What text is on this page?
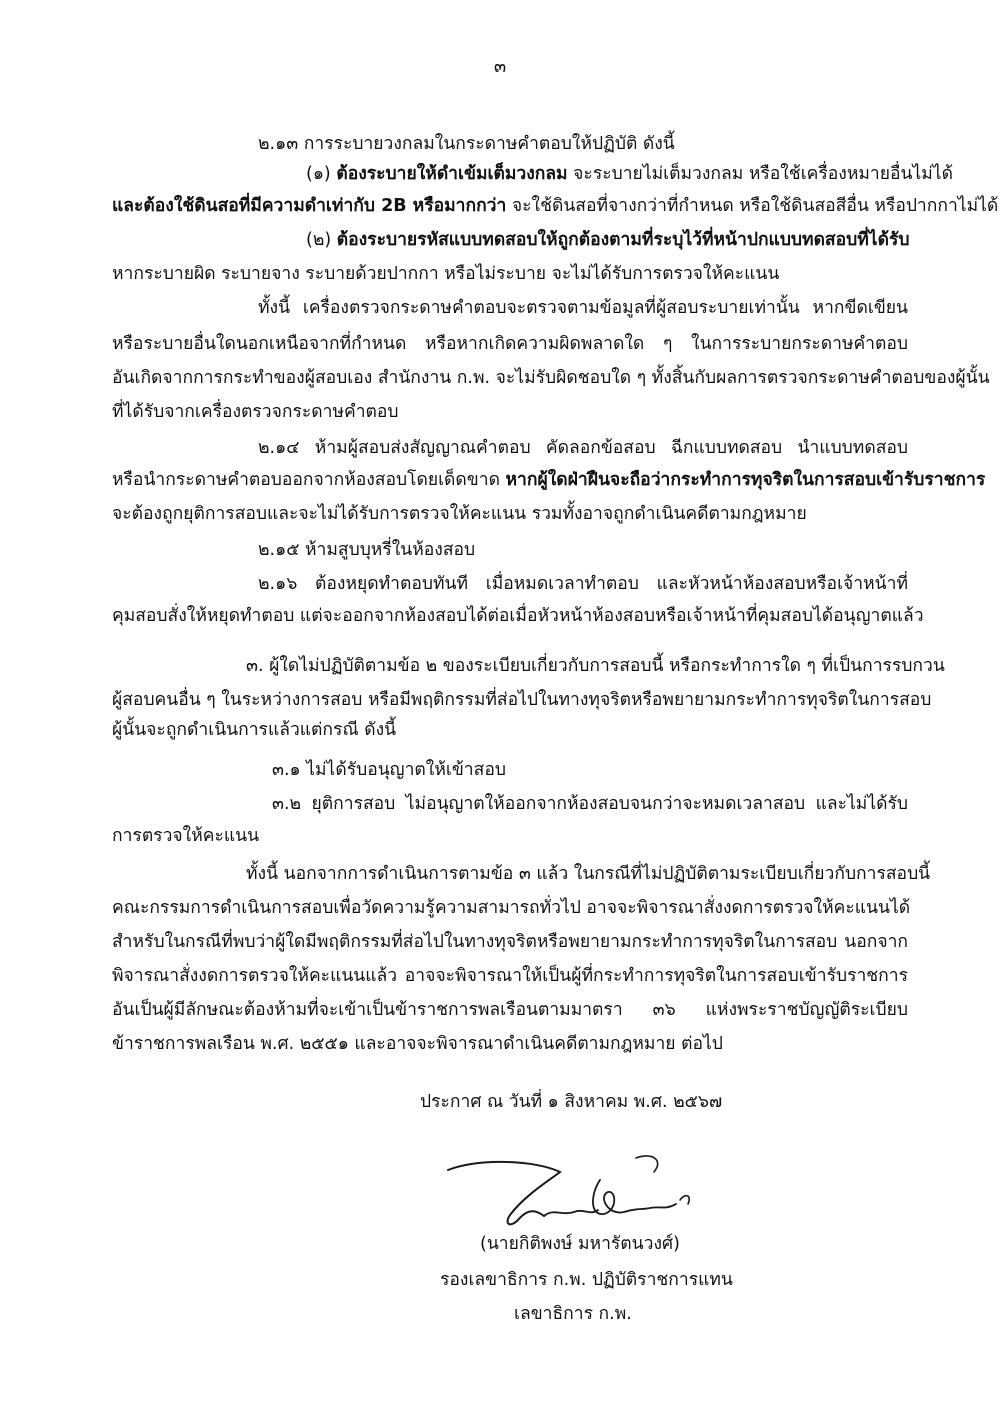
๓
๒.๑๓ การระบายวงกลมในกระดาษคำตอบให้ปฏิบัติ ดังนี้
(๑) ต้องระบายให้ดำเข้มเต็มวงกลม จะระบายไม่เต็มวงกลม หรือใช้เครื่องหมายอื่นไม่ได้
และต้องใช้ดินสอที่มีความดำเท่ากับ 2B หรือมากกว่า จะใช้ดินสอที่จางกว่าที่กำหนด หรือใช้ดินสอสีอื่น หรือปากกาไม่ได้
(๒) ต้องระบายรหัสแบบทดสอบให้ถูกต้องตามที่ระบุไว้ที่หน้าปกแบบทดสอบที่ได้รับ
หากระบายผิด ระบายจาง ระบายด้วยปากกา หรือไม่ระบาย จะไม่ได้รับการตรวจให้คะแนน
ทั้งนี้ เครื่องตรวจกระดาษคำตอบจะตรวจตามข้อมูลที่ผู้สอบระบายเท่านั้น หากขีดเขียน
หรือระบายอื่นใดนอกเหนือจากที่กำหนด หรือหากเกิดความผิดพลาดใด ๆ ในการระบายกระดาษคำตอบ
อันเกิดจากการกระทำของผู้สอบเอง สำนักงาน ก.พ. จะไม่รับผิดชอบใด ๆ ทั้งสิ้นกับผลการตรวจกระดาษคำตอบของผู้นั้น
ที่ได้รับจากเครื่องตรวจกระดาษคำตอบ
๒.๑๔ ห้ามผู้สอบส่งสัญญาณคำตอบ คัดลอกข้อสอบ ฉีกแบบทดสอบ นำแบบทดสอบ
หรือนำกระดาษคำตอบออกจากห้องสอบโดยเด็ดขาด หากผู้ใดฝ่าฝืนจะถือว่ากระทำการทุจริตในการสอบเข้ารับราชการ
จะต้องถูกยุติการสอบและจะไม่ได้รับการตรวจให้คะแนน รวมทั้งอาจถูกดำเนินคดีตามกฎหมาย
๒.๑๕ ห้ามสูบบุหรี่ในห้องสอบ
๒.๑๖ ต้องหยุดทำตอบทันที เมื่อหมดเวลาทำตอบ และหัวหน้าห้องสอบหรือเจ้าหน้าที่
คุมสอบสั่งให้หยุดทำตอบ แต่จะออกจากห้องสอบได้ต่อเมื่อหัวหน้าห้องสอบหรือเจ้าหน้าที่คุมสอบได้อนุญาตแล้ว
๓. ผู้ใดไม่ปฏิบัติตามข้อ ๒ ของระเบียบเกี่ยวกับการสอบนี้ หรือกระทำการใด ๆ ที่เป็นการรบกวน
ผู้สอบคนอื่น ๆ ในระหว่างการสอบ หรือมีพฤติกรรมที่ส่อไปในทางทุจริตหรือพยายามกระทำการทุจริตในการสอบ
ผู้นั้นจะถูกดำเนินการแล้วแต่กรณี ดังนี้
๓.๑ ไม่ได้รับอนุญาตให้เข้าสอบ
๓.๒ ยุติการสอบ ไม่อนุญาตให้ออกจากห้องสอบจนกว่าจะหมดเวลาสอบ และไม่ได้รับ
การตรวจให้คะแนน
ทั้งนี้ นอกจากการดำเนินการตามข้อ ๓ แล้ว ในกรณีที่ไม่ปฏิบัติตามระเบียบเกี่ยวกับการสอบนี้
คณะกรรมการดำเนินการสอบเพื่อวัดความรู้ความสามารถทั่วไป อาจจะพิจารณาสั่งงดการตรวจให้คะแนนได้
สำหรับในกรณีที่พบว่าผู้ใดมีพฤติกรรมที่ส่อไปในทางทุจริตหรือพยายามกระทำการทุจริตในการสอบ นอกจาก
พิจารณาสั่งงดการตรวจให้คะแนนแล้ว อาจจะพิจารณาให้เป็นผู้ที่กระทำการทุจริตในการสอบเข้ารับราชการ
อันเป็นผู้มีลักษณะต้องห้ามที่จะเข้าเป็นข้าราชการพลเรือนตามมาตรา ๓๖ แห่งพระราชบัญญัติระเบียบ
ข้าราชการพลเรือน พ.ศ. ๒๕๕๑ และอาจจะพิจารณาดำเนินคดีตามกฎหมาย ต่อไป
ประกาศ ณ วันที่ ๑ สิงหาคม พ.ศ. ๒๕๖๗
(นายกิติพงษ์ มหารัตนวงศ์)
รองเลขาธิการ ก.พ. ปฏิบัติราชการแทน
เลขาธิการ ก.พ.
